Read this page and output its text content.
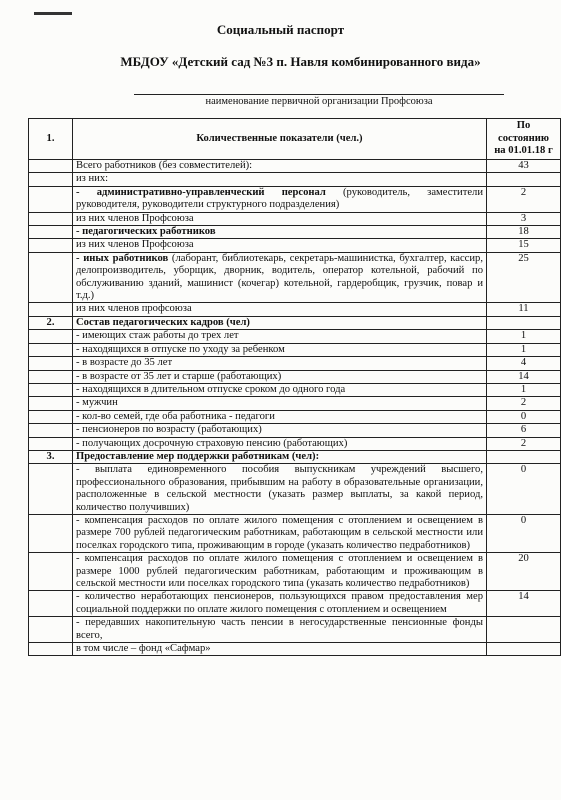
Социальный паспорт
МБДОУ «Детский сад №3 п. Навля комбинированного вида»
наименование первичной организации Профсоюза
1.	Количественные показатели (чел.)	По
состоянию
на 01.01.18 г

	Всего работников (без совместителей):	43
	из них:	
	- административно-управленческий персонал (руководитель, заместители руководителя, руководители структурного подразделения)	2
	из них членов Профсоюза	3
	- педагогических работников	18
	из них членов Профсоюза	15
	- иных работников (лаборант, библиотекарь, секретарь-машинистка, бухгалтер, кассир, делопроизводитель, уборщик, дворник, водитель, оператор котельной, рабочий по обслуживанию зданий, машинист (кочегар) котельной, гардеробщик, грузчик, повар и т.д.)	25
	из них членов профсоюза	11
2.	Состав педагогических кадров (чел)	
	- имеющих стаж работы до трех лет	1
	- находящихся в отпуске по уходу за ребенком	1
	- в возрасте до 35 лет	4
	- в возрасте от 35 лет и старше (работающих)	14
	- находящихся в длительном отпуске сроком до одного года	1
	- мужчин	2
	- кол-во семей, где оба работника - педагоги	0
	- пенсионеров по возрасту (работающих)	6
	- получающих досрочную страховую пенсию (работающих)	2
3.	Предоставление мер поддержки работникам (чел):	
	- выплата единовременного пособия выпускникам учреждений высшего, профессионального образования, прибывшим на работу в образовательные организации, расположенные в сельской местности (указать размер выплаты, за какой период, количество получивших)	0
	- компенсация расходов по оплате жилого помещения с отоплением и освещением в размере 700 рублей педагогическим работникам, работающим в сельской местности или поселках городского типа, проживающим в городе (указать количество педработников)	0
	- компенсация расходов по оплате жилого помещения с отоплением и освещением в размере 1000 рублей педагогическим работникам, работающим и проживающим в сельской местности или поселках городского типа (указать количество педработников)	20
	- количество неработающих пенсионеров, пользующихся правом предоставления мер социальной поддержки по оплате жилого помещения с отоплением и освещением	14
	- передавших накопительную часть пенсии в негосударственные пенсионные фонды всего,	
	в том числе – фонд «Сафмар»	
